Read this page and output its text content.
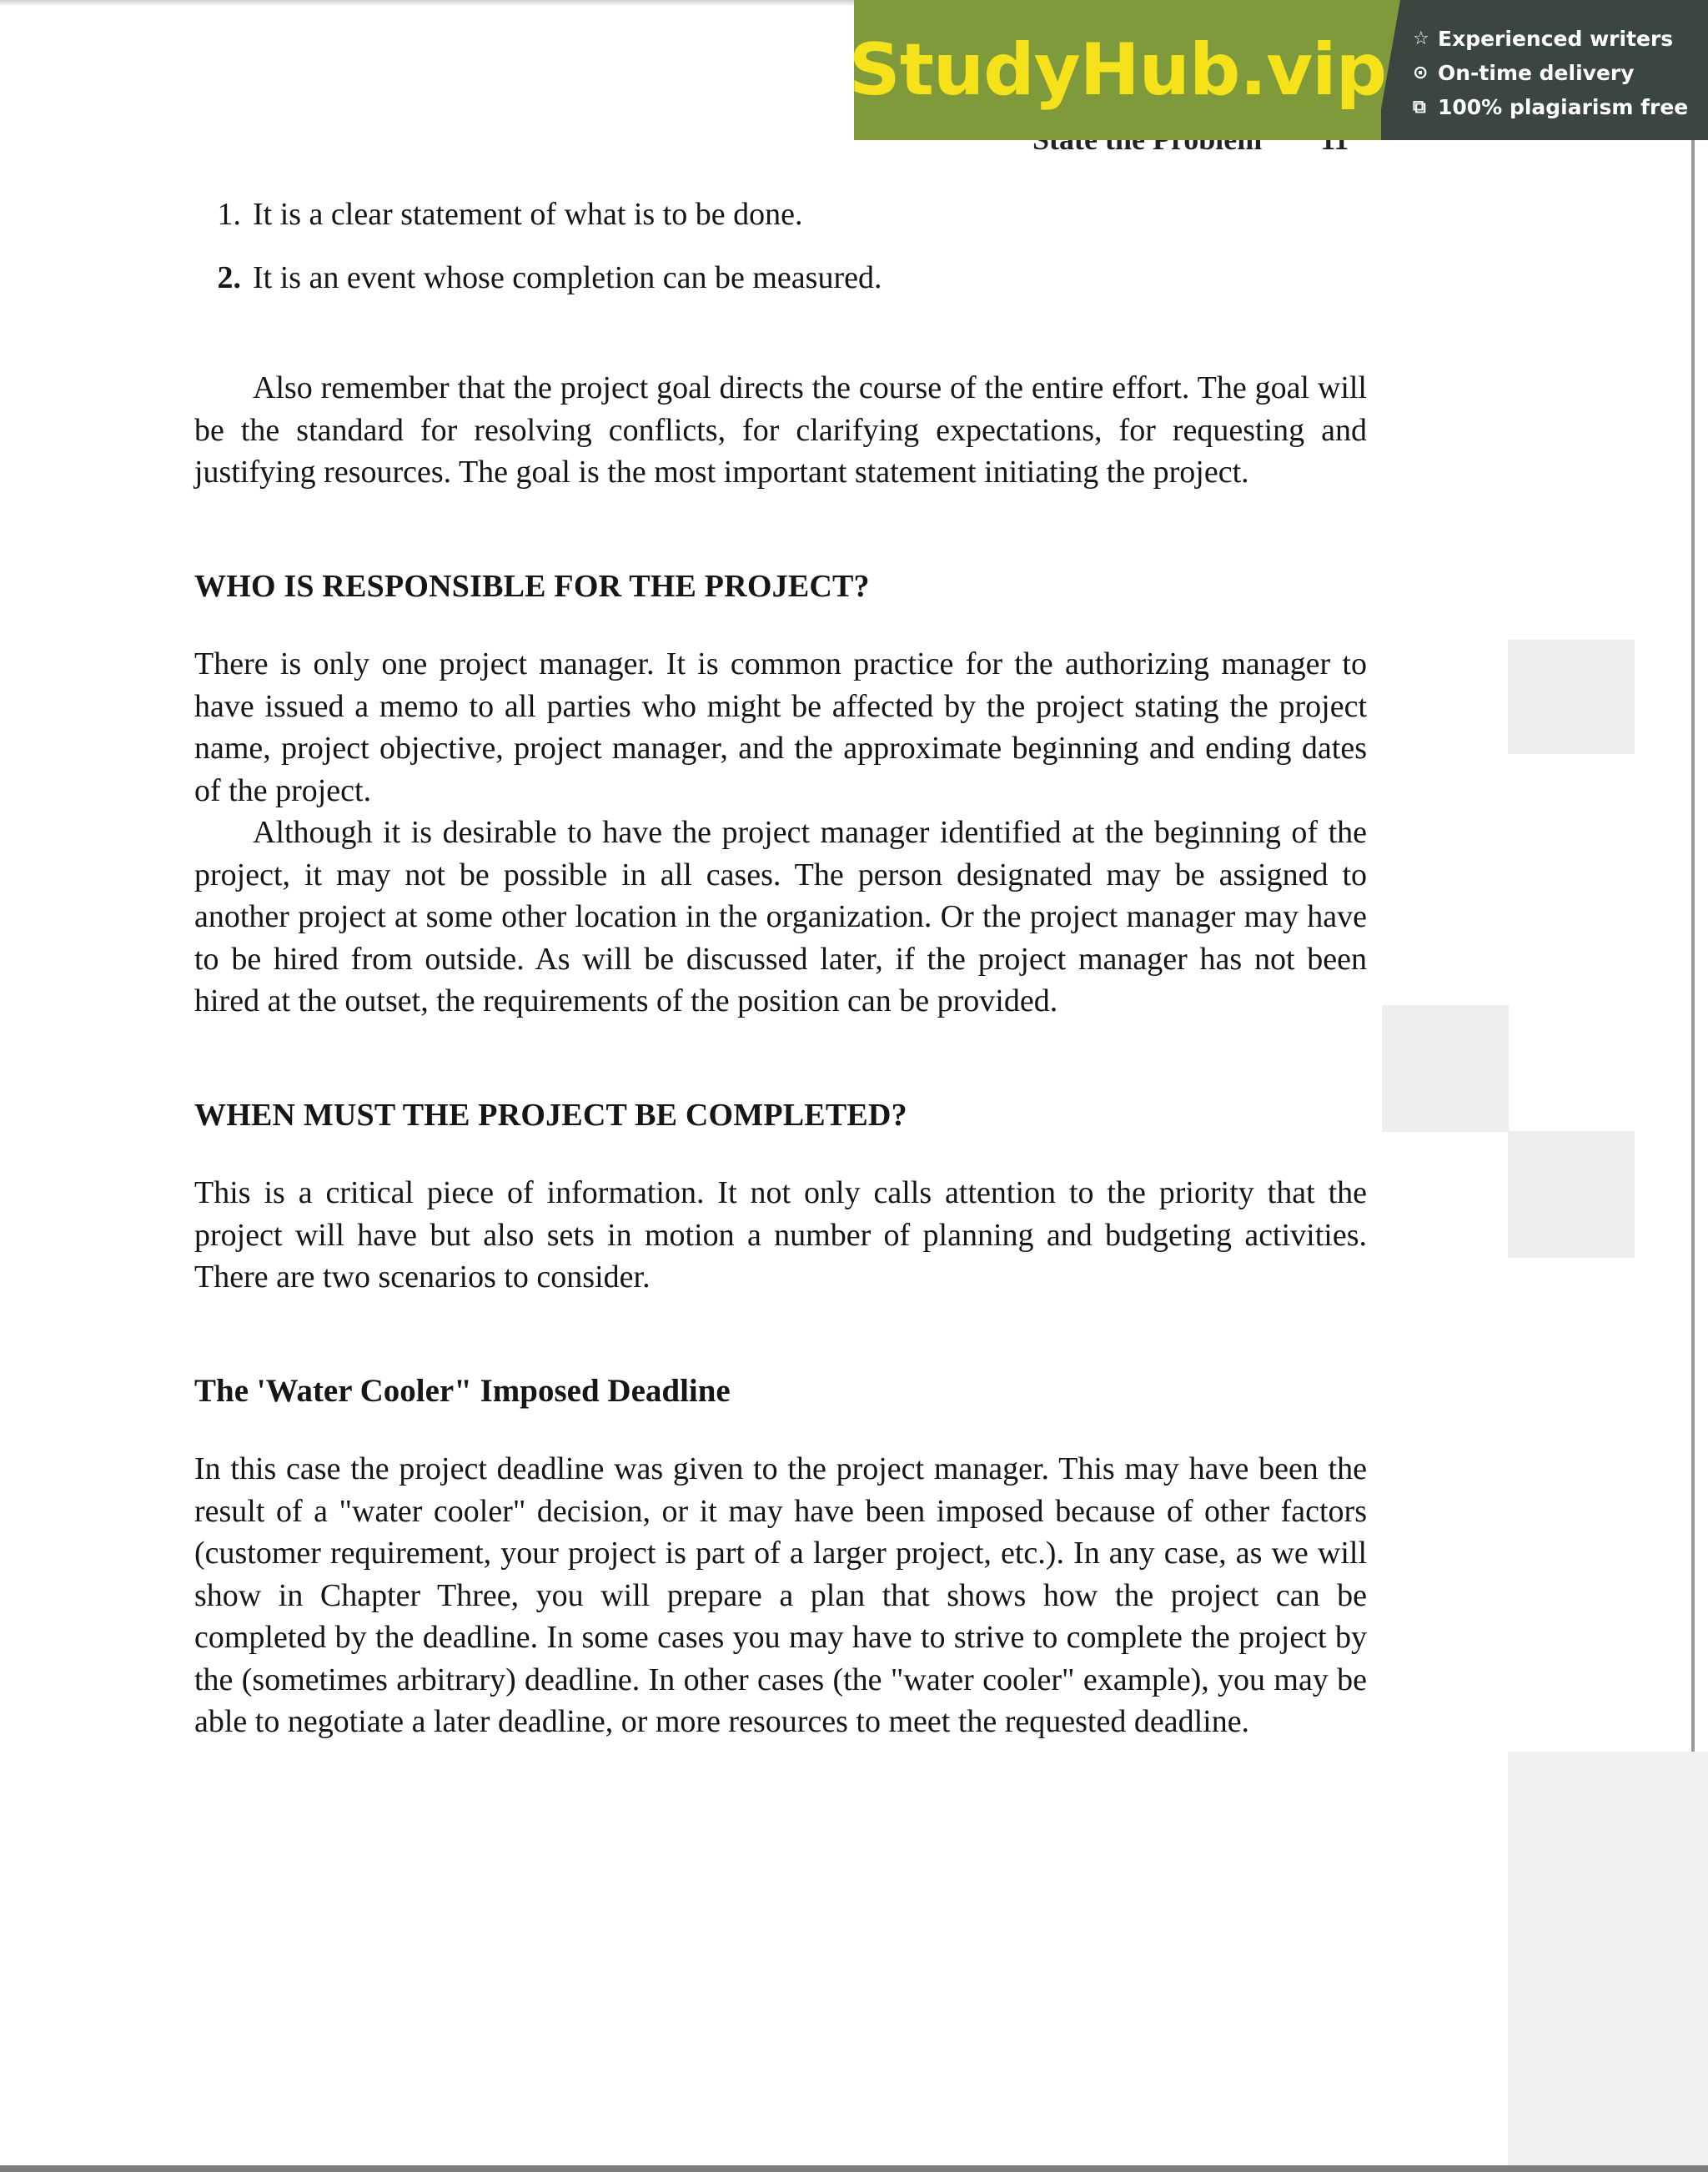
StudyHub.vip ☆ Experienced writers
⊙ On-time delivery
⧉ 100% plagiarism free
1. It is a clear statement of what is to be done.
2. It is an event whose completion can be measured.

Also remember that the project goal directs the course of the entire effort. The goal will be the standard for resolving conflicts, for clarifying expectations, for requesting and justifying resources. The goal is the most important statement initiating the project.

WHO IS RESPONSIBLE FOR THE PROJECT?

There is only one project manager. It is common practice for the authorizing manager to have issued a memo to all parties who might be affected by the project stating the project name, project objective, project manager, and the approximate beginning and ending dates of the project.

Although it is desirable to have the project manager identified at the beginning of the project, it may not be possible in all cases. The person designated may be assigned to another project at some other location in the organization. Or the project manager may have to be hired from outside. As will be discussed later, if the project manager has not been hired at the outset, the requirements of the position can be provided.

WHEN MUST THE PROJECT BE COMPLETED?

This is a critical piece of information. It not only calls attention to the priority that the project will have but also sets in motion a number of planning and budgeting activities. There are two scenarios to consider.

The 'Water Cooler" Imposed Deadline

In this case the project deadline was given to the project manager. This may have been the result of a "water cooler" decision, or it may have been imposed because of other factors (customer requirement, your project is part of a larger project, etc.). In any case, as we will show in Chapter Three, you will prepare a plan that shows how the project can be completed by the deadline. In some cases you may have to strive to complete the project by the (sometimes arbitrary) deadline. In other cases (the "water cooler" example), you may be able to negotiate a later deadline, or more resources to meet the requested deadline.
